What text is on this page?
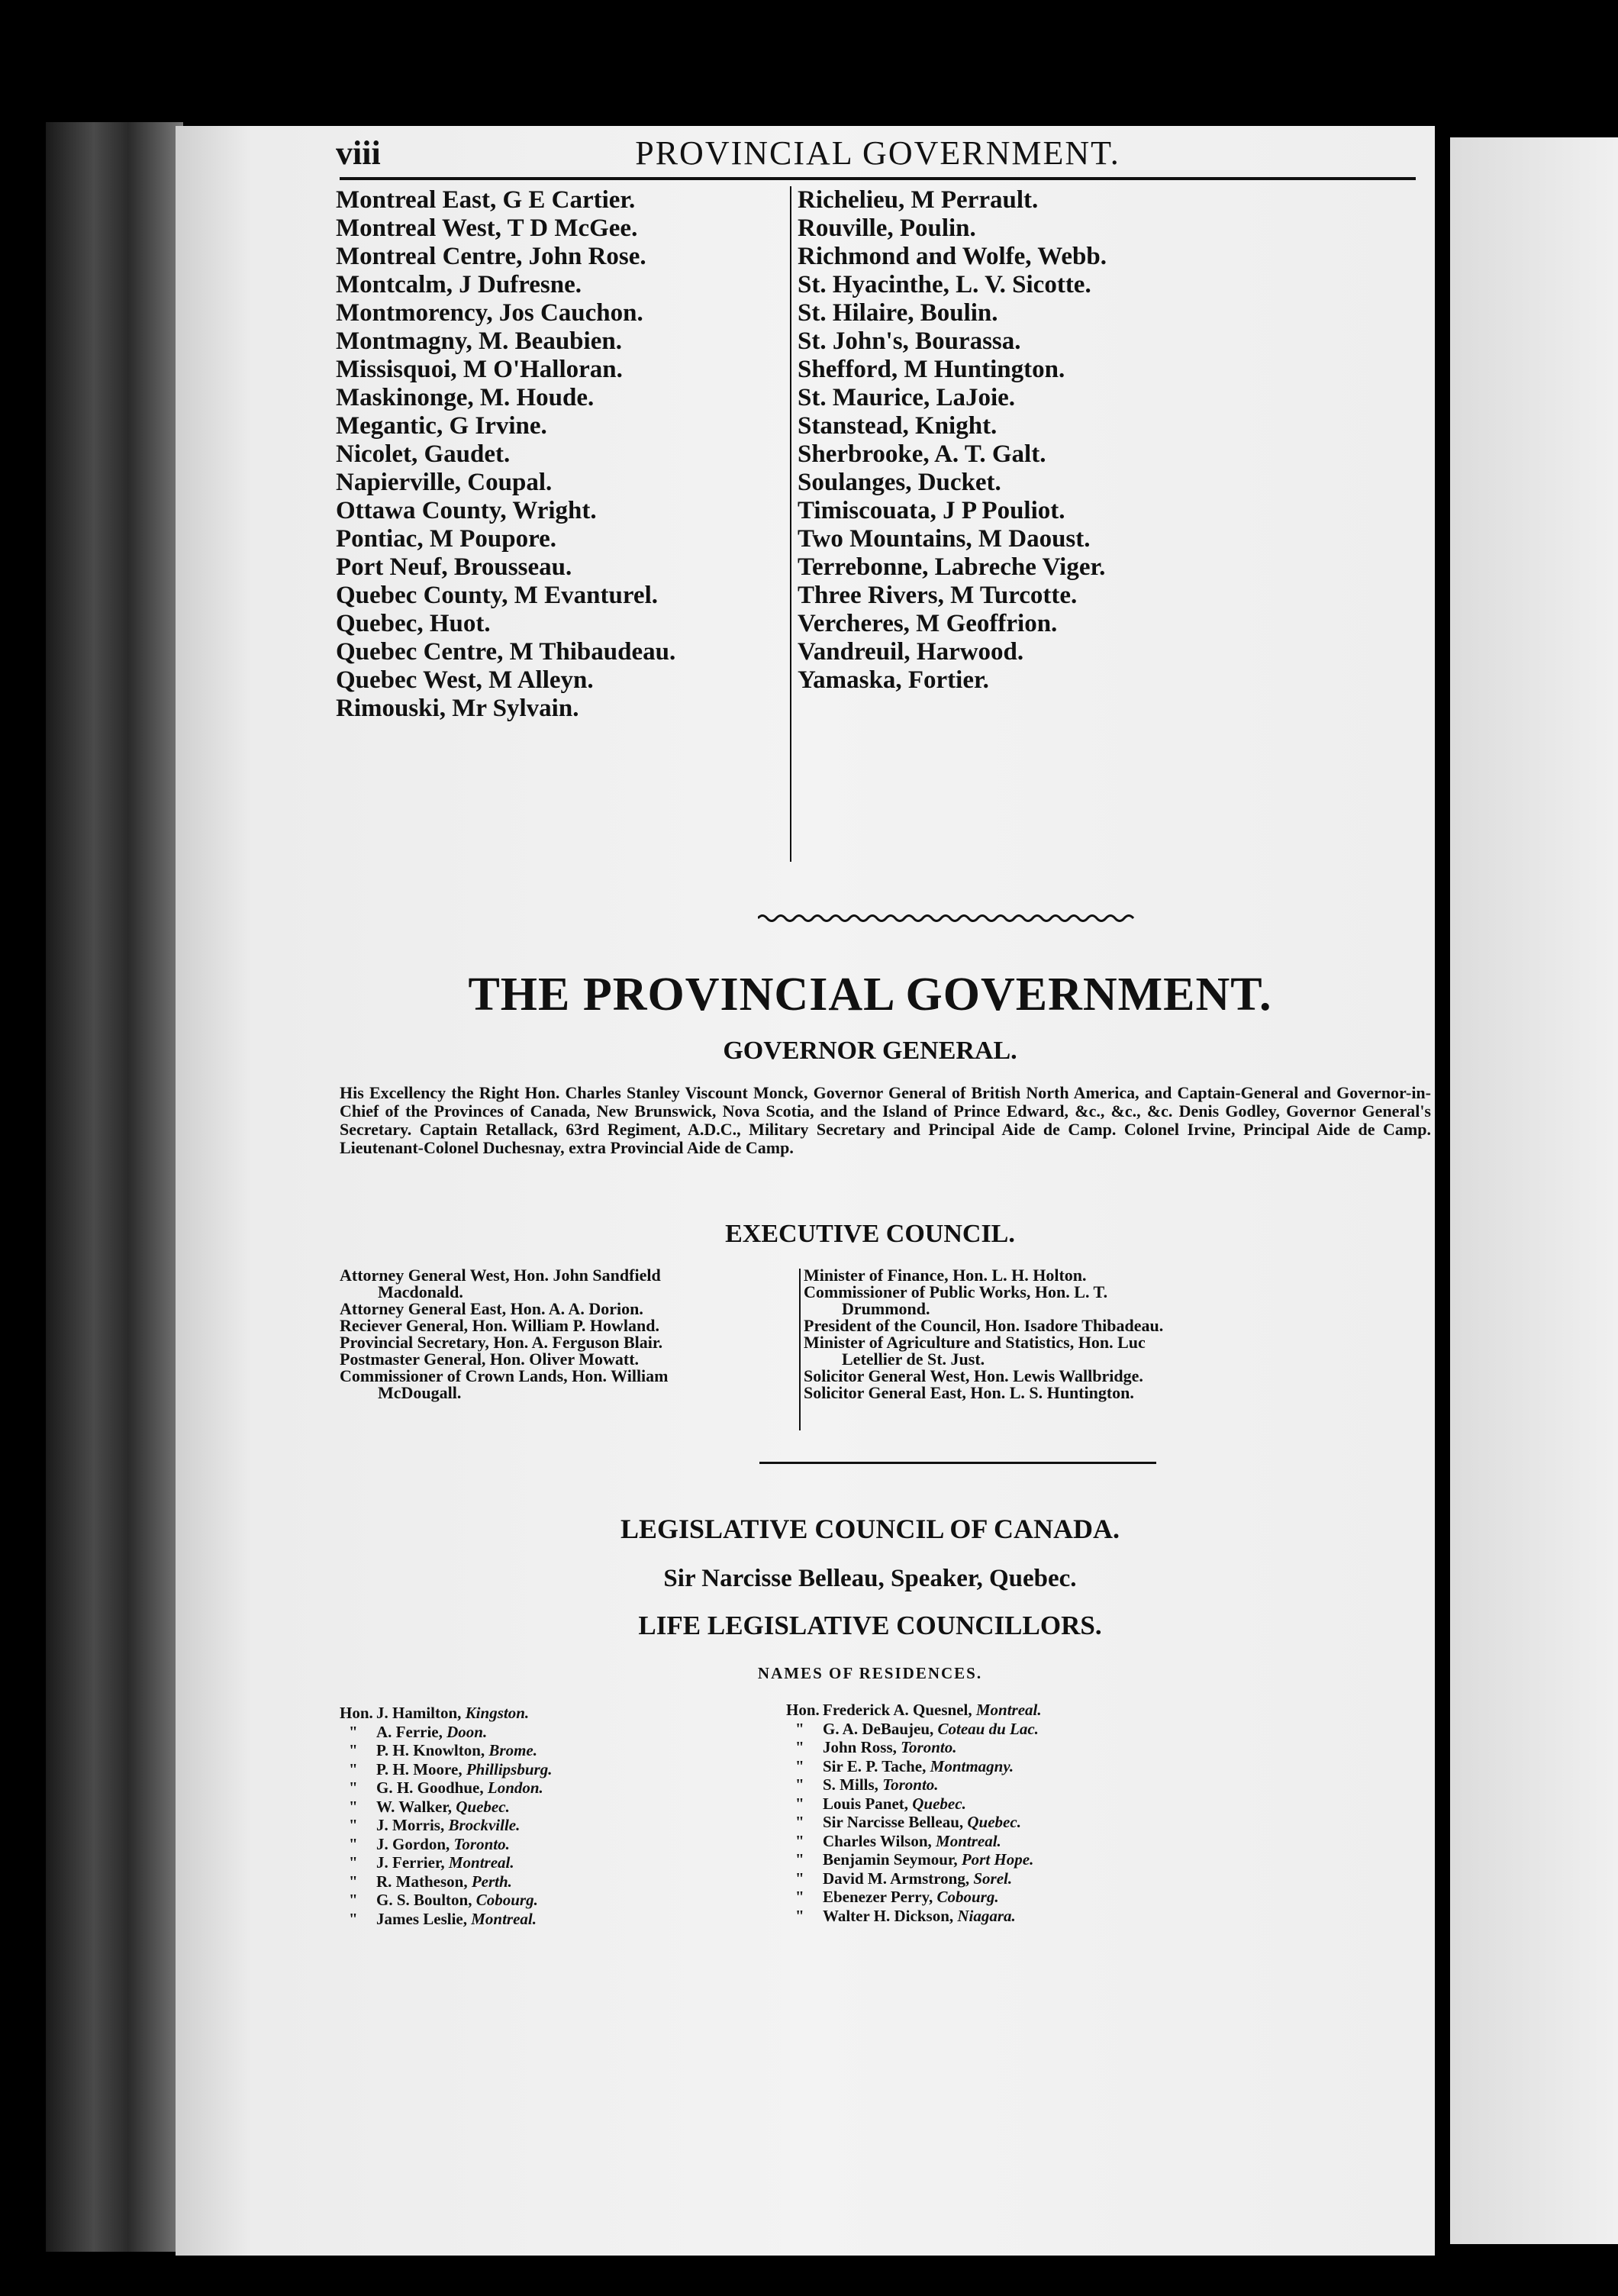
viii	PROVINCIAL GOVERNMENT.
Montreal East, G E Cartier.
Montreal West, T D McGee.
Montreal Centre, John Rose.
Montcalm, J Dufresne.
Montmorency, Jos Cauchon.
Montmagny, M. Beaubien.
Missisquoi, M O'Halloran.
Maskinonge, M. Houde.
Megantic, G Irvine.
Nicolet, Gaudet.
Napierville, Coupal.
Ottawa County, Wright.
Pontiac, M Poupore.
Port Neuf, Brousseau.
Quebec County, M Evanturel.
Quebec, Huot.
Quebec Centre, M Thibaudeau.
Quebec West, M Alleyn.
Rimouski, Mr Sylvain.
Richelieu, M Perrault.
Rouville, Poulin.
Richmond and Wolfe, Webb.
St. Hyacinthe, L. V. Sicotte.
St. Hilaire, Boulin.
St. John's, Bourassa.
Shefford, M Huntington.
St. Maurice, LaJoie.
Stanstead, Knight.
Sherbrooke, A. T. Galt.
Soulanges, Ducket.
Timiscouata, J P Pouliot.
Two Mountains, M Daoust.
Terrebonne, Labreche Viger.
Three Rivers, M Turcotte.
Vercheres, M Geoffrion.
Vandreuil, Harwood.
Yamaska, Fortier.
THE PROVINCIAL GOVERNMENT.
GOVERNOR GENERAL.
His Excellency the Right Hon. Charles Stanley Viscount Monck, Governor General of British North America, and Captain-General and Governor-in-Chief of the Provinces of Canada, New Brunswick, Nova Scotia, and the Island of Prince Edward, &c., &c., &c. Denis Godley, Governor General's Secretary. Captain Retallack, 63rd Regiment, A.D.C., Military Secretary and Principal Aide de Camp. Colonel Irvine, Principal Aide de Camp. Lieutenant-Colonel Duchesnay, extra Provincial Aide de Camp.
EXECUTIVE COUNCIL.
Attorney General West, Hon. John Sandfield
Macdonald.
Attorney General East, Hon. A. A. Dorion.
Reciever General, Hon. William P. Howland.
Provincial Secretary, Hon. A. Ferguson Blair.
Postmaster General, Hon. Oliver Mowatt.
Commissioner of Crown Lands, Hon. William
McDougall.
Minister of Finance, Hon. L. H. Holton.
Commissioner of Public Works, Hon. L. T.
Drummond.
President of the Council, Hon. Isadore Thibadeau.
Minister of Agriculture and Statistics, Hon. Luc
Letellier de St. Just.
Solicitor General West, Hon. Lewis Wallbridge.
Solicitor General East, Hon. L. S. Huntington.
LEGISLATIVE COUNCIL OF CANADA.
Sir Narcisse Belleau, Speaker, Quebec.
LIFE LEGISLATIVE COUNCILLORS.
NAMES OF RESIDENCES.
Hon. J. Hamilton, Kingston.
" A. Ferrie, Doon.
" P. H. Knowlton, Brome.
" P. H. Moore, Phillipsburg.
" G. H. Goodhue, London.
" W. Walker, Quebec.
" J. Morris, Brockville.
" J. Gordon, Toronto.
" J. Ferrier, Montreal.
" R. Matheson, Perth.
" G. S. Boulton, Cobourg.
" James Leslie, Montreal.
Hon. Frederick A. Quesnel, Montreal.
" G. A. DeBaujeu, Coteau du Lac.
" John Ross, Toronto.
" Sir E. P. Tache, Montmagny.
" S. Mills, Toronto.
" Louis Panet, Quebec.
" Sir Narcisse Belleau, Quebec.
" Charles Wilson, Montreal.
" Benjamin Seymour, Port Hope.
" David M. Armstrong, Sorel.
" Ebenezer Perry, Cobourg.
" Walter H. Dickson, Niagara.
